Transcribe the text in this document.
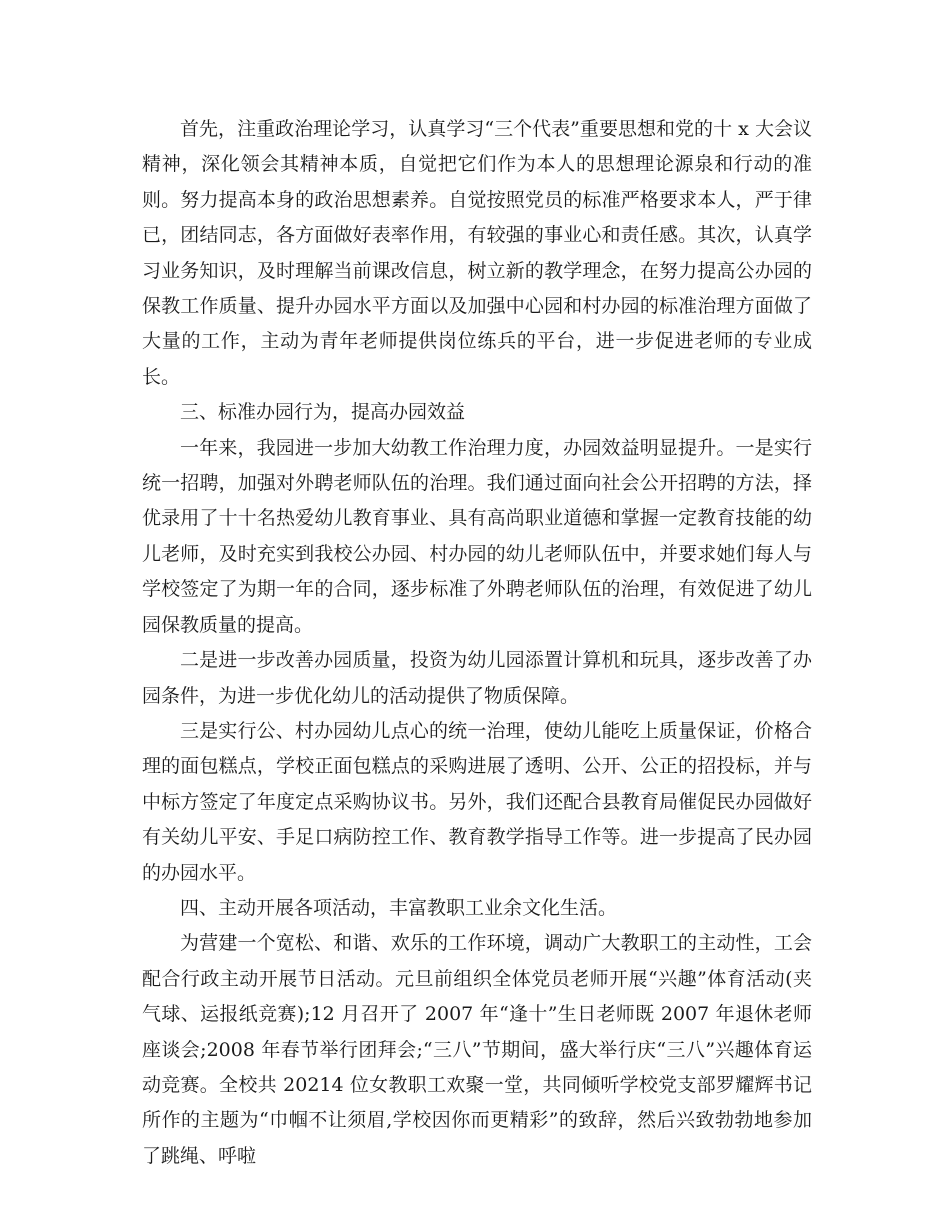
首先，注重政治理论学习，认真学习“三个代表”重要思想和党的十 x 大会议精神，深化领会其精神本质，自觉把它们作为本人的思想理论源泉和行动的准则。努力提高本身的政治思想素养。自觉按照党员的标准严格要求本人，严于律已，团结同志，各方面做好表率作用，有较强的事业心和责任感。其次，认真学习业务知识，及时理解当前课改信息，树立新的教学理念，在努力提高公办园的保教工作质量、提升办园水平方面以及加强中心园和村办园的标准治理方面做了大量的工作，主动为青年老师提供岗位练兵的平台，进一步促进老师的专业成长。

三、标准办园行为，提高办园效益

一年来，我园进一步加大幼教工作治理力度，办园效益明显提升。一是实行统一招聘，加强对外聘老师队伍的治理。我们通过面向社会公开招聘的方法，择优录用了十十名热爱幼儿教育事业、具有高尚职业道德和掌握一定教育技能的幼儿老师，及时充实到我校公办园、村办园的幼儿老师队伍中，并要求她们每人与学校签定了为期一年的合同，逐步标准了外聘老师队伍的治理，有效促进了幼儿园保教质量的提高。

二是进一步改善办园质量，投资为幼儿园添置计算机和玩具，逐步改善了办园条件，为进一步优化幼儿的活动提供了物质保障。

三是实行公、村办园幼儿点心的统一治理，使幼儿能吃上质量保证，价格合理的面包糕点，学校正面包糕点的采购进展了透明、公开、公正的招投标，并与中标方签定了年度定点采购协议书。另外，我们还配合县教育局催促民办园做好有关幼儿平安、手足口病防控工作、教育教学指导工作等。进一步提高了民办园的办园水平。

四、主动开展各项活动，丰富教职工业余文化生活。

为营建一个宽松、和谐、欢乐的工作环境，调动广大教职工的主动性，工会配合行政主动开展节日活动。元旦前组织全体党员老师开展“兴趣”体育活动(夹气球、运报纸竞赛);12 月召开了 2007 年“逢十”生日老师既 2007 年退休老师座谈会;2008 年春节举行团拜会;“三八”节期间，盛大举行庆“三八”兴趣体育运动竞赛。全校共 20214 位女教职工欢聚一堂，共同倾听学校党支部罗耀辉书记所作的主题为“巾帼不让须眉,学校因你而更精彩”的致辞，然后兴致勃勃地参加了跳绳、呼啦
